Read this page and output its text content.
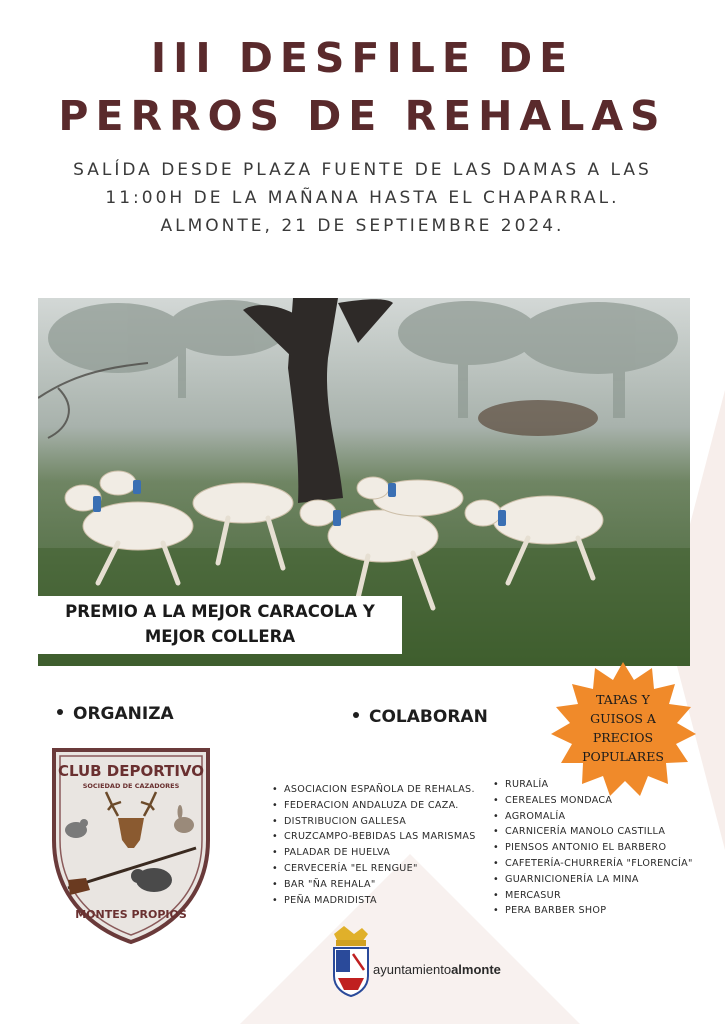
III DESFILE DE
PERROS DE REHALAS
SALÍDA DESDE PLAZA FUENTE DE LAS DAMAS A LAS
11:00H DE LA MAÑANA HASTA EL CHAPARRAL.
ALMONTE, 21 DE SEPTIEMBRE 2024.
PREMIO A LA MEJOR CARACOLA Y
MEJOR COLLERA
ORGANIZA	COLABORAN
TAPAS Y
GUISOS A
PRECIOS
POPULARES
CLUB DEPORTIVO
SOCIEDAD DE CAZADORES
MONTES PROPIOS
• ASOCIACION ESPAÑOLA DE REHALAS.
• FEDERACION ANDALUZA DE CAZA.
• DISTRIBUCION GALLESA
• CRUZCAMPO-BEBIDAS LAS MARISMAS
• PALADAR DE HUELVA
• CERVECERÍA "EL RENGUE"
• BAR "ÑA REHALA"
• PEÑA MADRIDISTA
• RURALÍA
• CEREALES MONDACA
• AGROMALÍA
• CARNICERÍA MANOLO CASTILLA
• PIENSOS ANTONIO EL BARBERO
• CAFETERÍA-CHURRERÍA "FLORENCÍA"
• GUARNICIONERÍA LA MINA
• MERCASUR
• PERA BARBER SHOP
ayuntamientoalmonte
